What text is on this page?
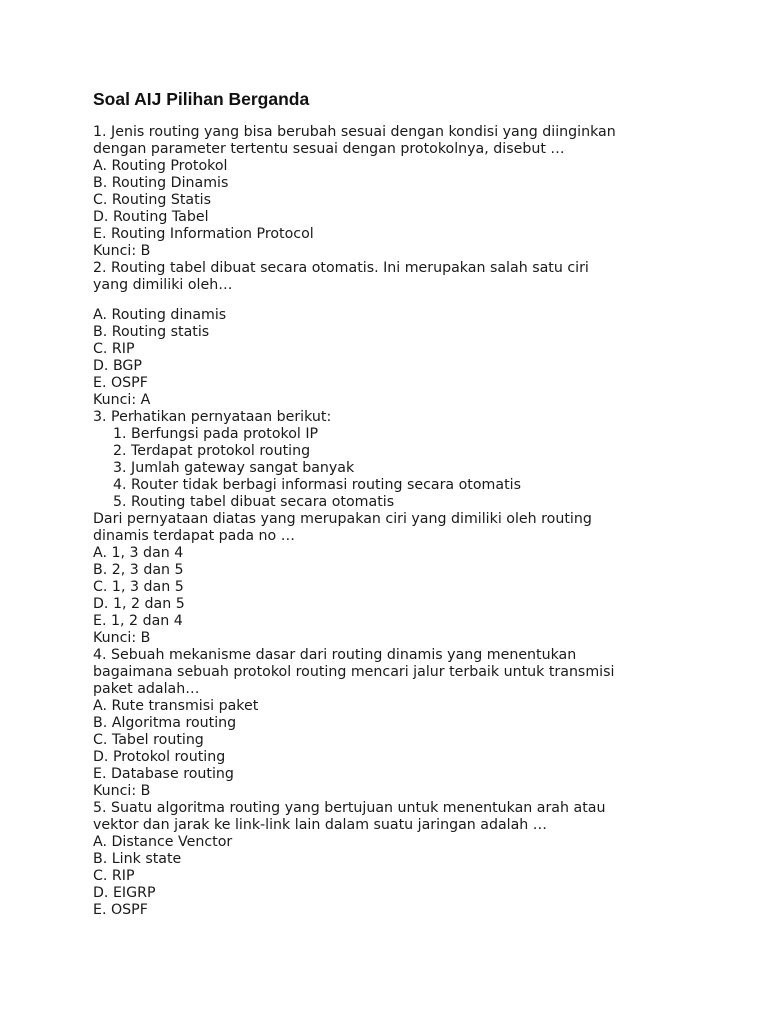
Soal AIJ Pilihan Berganda
1. Jenis routing yang bisa berubah sesuai dengan kondisi yang diinginkan
dengan parameter tertentu sesuai dengan protokolnya, disebut …
A. Routing Protokol
B. Routing Dinamis
C. Routing Statis
D. Routing Tabel
E. Routing Information Protocol
Kunci: B
2. Routing tabel dibuat secara otomatis. Ini merupakan salah satu ciri
yang dimiliki oleh…
A. Routing dinamis
B. Routing statis
C. RIP
D. BGP
E. OSPF
Kunci: A
3. Perhatikan pernyataan berikut:
1. Berfungsi pada protokol IP
2. Terdapat protokol routing
3. Jumlah gateway sangat banyak
4. Router tidak berbagi informasi routing secara otomatis
5. Routing tabel dibuat secara otomatis
Dari pernyataan diatas yang merupakan ciri yang dimiliki oleh routing
dinamis terdapat pada no …
A. 1, 3 dan 4
B. 2, 3 dan 5
C. 1, 3 dan 5
D. 1, 2 dan 5
E. 1, 2 dan 4
Kunci: B
4. Sebuah mekanisme dasar dari routing dinamis yang menentukan
bagaimana sebuah protokol routing mencari jalur terbaik untuk transmisi
paket adalah…
A. Rute transmisi paket
B. Algoritma routing
C. Tabel routing
D. Protokol routing
E. Database routing
Kunci: B
5. Suatu algoritma routing yang bertujuan untuk menentukan arah atau
vektor dan jarak ke link-link lain dalam suatu jaringan adalah …
A. Distance Venctor
B. Link state
C. RIP
D. EIGRP
E. OSPF
